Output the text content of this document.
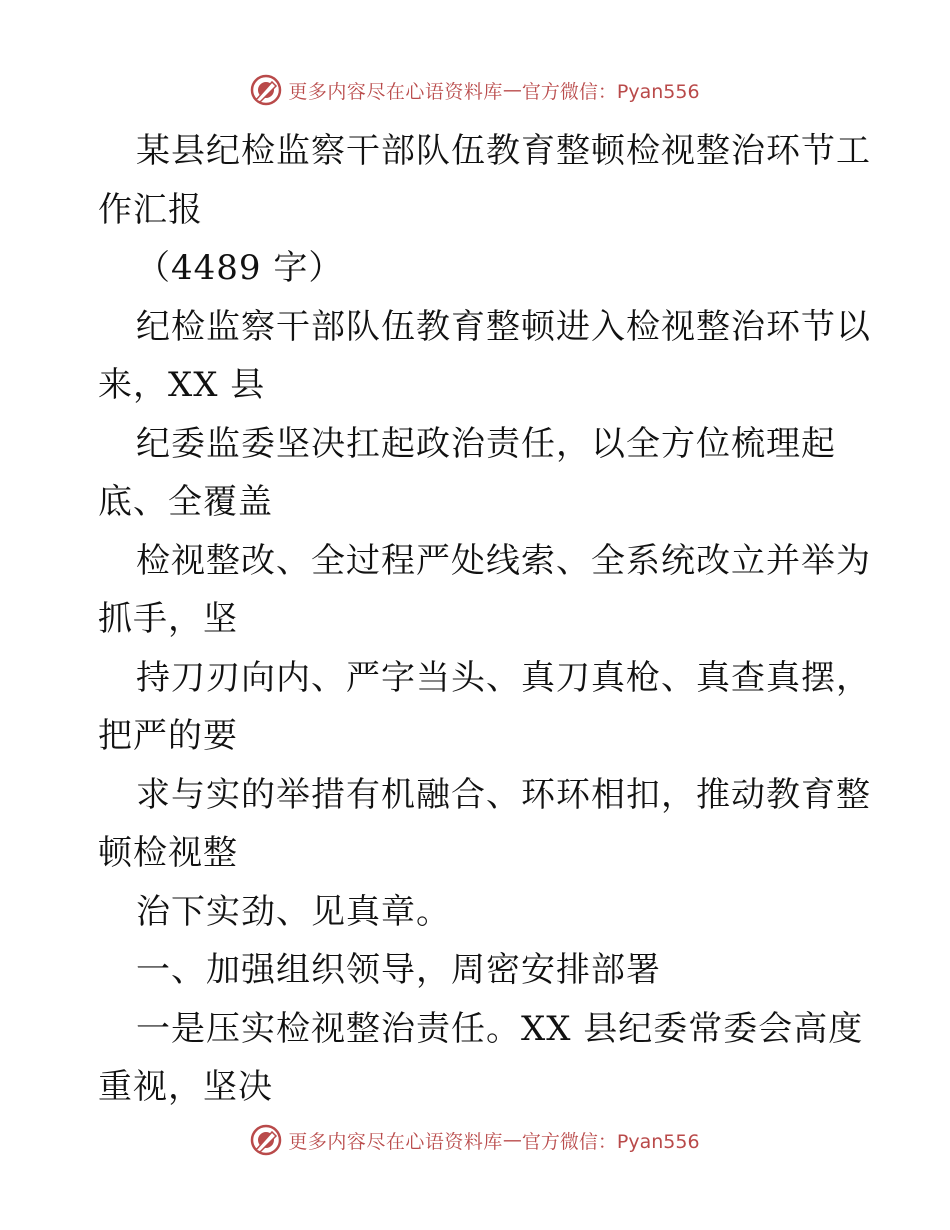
更多内容尽在心语资料库 — 官方微信：Pyan556
某县纪检监察干部队伍教育整顿检视整治环节工
作汇报
（4489 字）
纪检监察干部队伍教育整顿进入检视整治环节以
来，XX 县
纪委监委坚决扛起政治责任，以全方位梳理起
底、全覆盖
检视整改、全过程严处线索、全系统改立并举为
抓手，坚
持刀刃向内、严字当头、真刀真枪、真查真摆，
把严的要
求与实的举措有机融合、环环相扣，推动教育整
顿检视整
治下实劲、见真章。
一、加强组织领导，周密安排部署
一是压实检视整治责任。XX 县纪委常委会高度
重视，坚决
更多内容尽在心语资料库 — 官方微信：Pyan556
